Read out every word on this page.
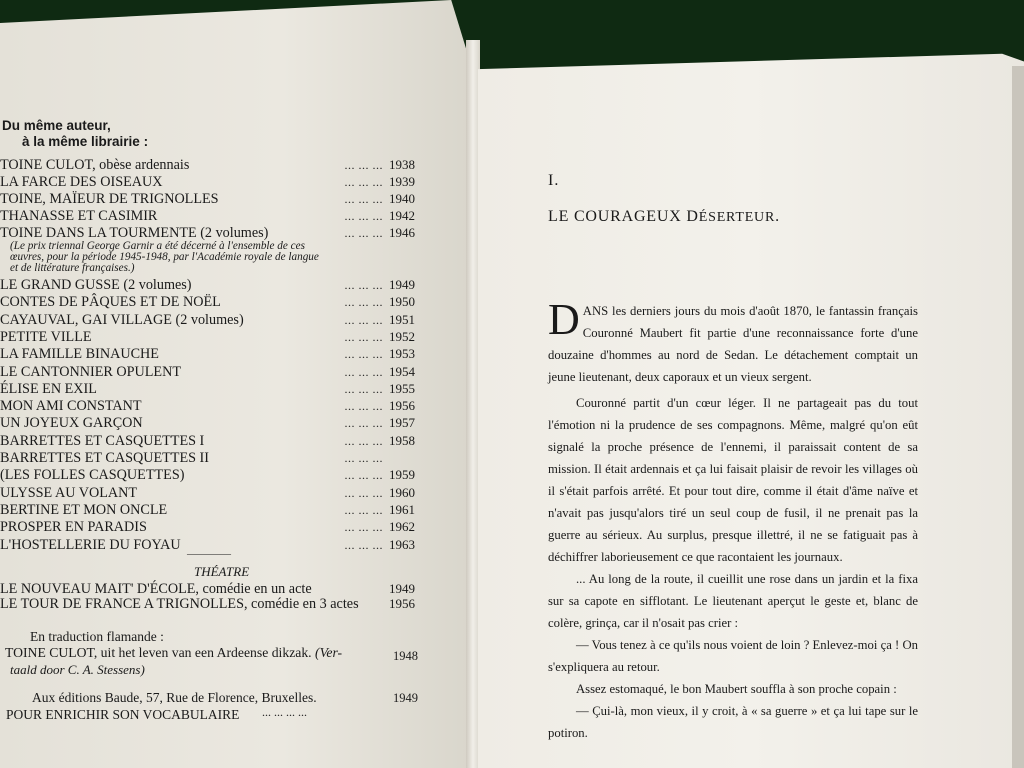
Du même auteur,
à la même librairie :
TOINE CULOT, obèse ardennais	1938
... ... ...
LA FARCE DES OISEAUX	1939
... ... ...
TOINE, MAÏEUR DE TRIGNOLLES	1940
... ... ...
THANASSE ET CASIMIR	1942
... ... ...
TOINE DANS LA TOURMENTE (2 volumes)	1946
... ... ...
(Le prix triennal George Garnir a été décerné à l'ensemble de ces
œuvres, pour la période 1945-1948, par l'Académie royale de langue
et de littérature françaises.)
LE GRAND GUSSE (2 volumes)	1949
... ... ...
CONTES DE PÂQUES ET DE NOËL	1950
... ... ...
CAYAUVAL, GAI VILLAGE (2 volumes)	1951
... ... ...
PETITE VILLE	1952
... ... ...
LA FAMILLE BINAUCHE	1953
... ... ...
LE CANTONNIER OPULENT	1954
... ... ...
ÉLISE EN EXIL	1955
... ... ...
MON AMI CONSTANT	1956
... ... ...
UN JOYEUX GARÇON	1957
... ... ...
BARRETTES ET CASQUETTES I	1958
... ... ...
BARRETTES ET CASQUETTES II	... ... ...
(LES FOLLES CASQUETTES)	1959
... ... ...
ULYSSE AU VOLANT	1960
... ... ...
BERTINE ET MON ONCLE	1961
... ... ...
PROSPER EN PARADIS	1962
... ... ...
L'HOSTELLERIE DU FOYAU	1963
... ... ...
————
THÉATRE
LE NOUVEAU MAIT' D'ÉCOLE, comédie en un acte	1949
LE TOUR DE FRANCE A TRIGNOLLES, comédie en 3 actes 1956
En traduction flamande :
TOINE CULOT, uit het leven van een Ardeense dikzak. (Ver-
taald door C. A. Stessens)
1948
Aux éditions Baude, 57, Rue de Florence, Bruxelles.
POUR ENRICHIR SON VOCABULAIRE ... ... ... ...
1949
I.
LE COURAGEUX DÉSERTEUR.

DANS les derniers jours du mois d'août 1870, le fantassin français Couronné Maubert fit partie d'une reconnaissance forte d'une douzaine d'hommes au nord de Sedan. Le détachement comptait un jeune lieutenant, deux caporaux et un vieux sergent.

Couronné partit d'un cœur léger. Il ne partageait pas du tout l'émotion ni la prudence de ses compagnons. Même, malgré qu'on eût signalé la proche présence de l'ennemi, il paraissait content de sa mission. Il était ardennais et ça lui faisait plaisir de revoir les villages où il s'était parfois arrêté. Et pour tout dire, comme il était d'âme naïve et n'avait pas jusqu'alors tiré un seul coup de fusil, il ne prenait pas la guerre au sérieux. Au surplus, presque illettré, il ne se fatiguait pas à déchiffrer laborieusement ce que racontaient les journaux.

... Au long de la route, il cueillit une rose dans un jardin et la fixa sur sa capote en sifflotant. Le lieutenant aperçut le geste et, blanc de colère, grinça, car il n'osait pas crier :

— Vous tenez à ce qu'ils nous voient de loin ? Enlevez-moi ça ! On s'expliquera au retour.

Assez estomaqué, le bon Maubert souffla à son proche copain :

— Çui-là, mon vieux, il y croit, à « sa guerre » et ça lui tape sur le potiron.
